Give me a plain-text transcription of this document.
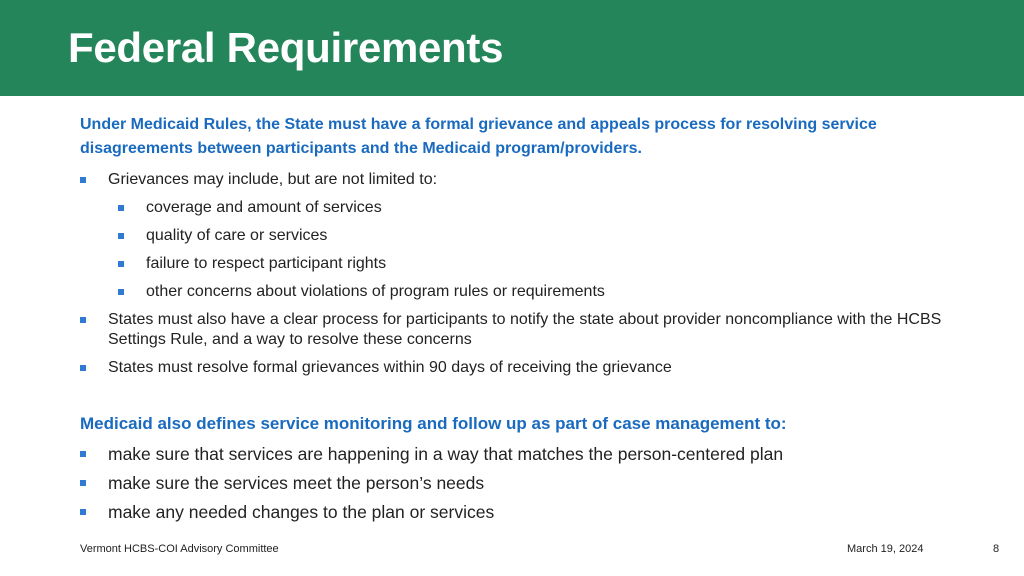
Federal Requirements
Under Medicaid Rules, the State must have a formal grievance and appeals process for resolving service disagreements between participants and the Medicaid program/providers.
Grievances may include, but are not limited to:
coverage and amount of services
quality of care or services
failure to respect participant rights
other concerns about violations of program rules or requirements
States must also have a clear process for participants to notify the state about provider noncompliance with the HCBS Settings Rule, and a way to resolve these concerns
States must resolve formal grievances within 90 days of receiving the grievance
Medicaid also defines service monitoring and follow up as part of case management to:
make sure that services are happening in a way that matches the person-centered plan
make sure the services meet the person’s needs
make any needed changes to the plan or services
Vermont HCBS-COI Advisory Committee	March 19, 2024	8
